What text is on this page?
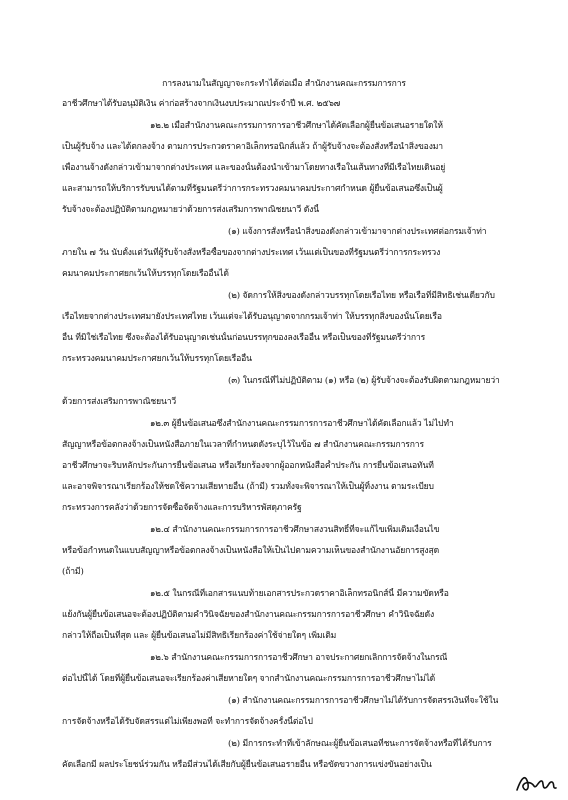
การลงนามในสัญญาจะกระทำได้ต่อเมื่อ สำนักงานคณะกรรมการการ
อาชีวศึกษาได้รับอนุมัติเงิน ค่าก่อสร้างจากเงินงบประมาณประจำปี พ.ศ. ๒๕๖๗
๑๒.๒ เมื่อสำนักงานคณะกรรมการการอาชีวศึกษาได้คัดเลือกผู้ยื่นข้อเสนอรายใดให้
เป็นผู้รับจ้าง และได้ตกลงจ้าง ตามการประกวดราคาอิเล็กทรอนิกส์แล้ว ถ้าผู้รับจ้างจะต้องสั่งหรือนำสิ่งของมา
เพื่องานจ้างดังกล่าวเข้ามาจากต่างประเทศ และของนั้นต้องนำเข้ามาโดยทางเรือในเส้นทางที่มีเรือไทยเดินอยู่
และสามารถให้บริการรับขนได้ตามที่รัฐมนตรีว่าการกระทรวงคมนาคมประกาศกำหนด ผู้ยื่นข้อเสนอซึ่งเป็นผู้
รับจ้างจะต้องปฏิบัติตามกฎหมายว่าด้วยการส่งเสริมการพาณิชยนาวี ดังนี้
(๑) แจ้งการสั่งหรือนำสิ่งของดังกล่าวเข้ามาจากต่างประเทศต่อกรมเจ้าท่า
ภายใน ๗ วัน นับตั้งแต่วันที่ผู้รับจ้างสั่งหรือซื้อของจากต่างประเทศ เว้นแต่เป็นของที่รัฐมนตรีว่าการกระทรวง
คมนาคมประกาศยกเว้นให้บรรทุกโดยเรืออื่นได้
(๒) จัดการให้สิ่งของดังกล่าวบรรทุกโดยเรือไทย หรือเรือที่มีสิทธิเช่นเดียวกับ
เรือไทยจากต่างประเทศมายังประเทศไทย เว้นแต่จะได้รับอนุญาตจากกรมเจ้าท่า ให้บรรทุกสิ่งของนั้นโดยเรือ
อื่น ที่มิใช่เรือไทย ซึ่งจะต้องได้รับอนุญาตเช่นนั้นก่อนบรรทุกของลงเรืออื่น หรือเป็นของที่รัฐมนตรีว่าการ
กระทรวงคมนาคมประกาศยกเว้นให้บรรทุกโดยเรืออื่น
(๓) ในกรณีที่ไม่ปฏิบัติตาม (๑) หรือ (๒) ผู้รับจ้างจะต้องรับผิดตามกฎหมายว่า
ด้วยการส่งเสริมการพาณิชยนาวี
๑๒.๓ ผู้ยื่นข้อเสนอซึ่งสำนักงานคณะกรรมการการอาชีวศึกษาได้คัดเลือกแล้ว ไม่ไปทำ
สัญญาหรือข้อตกลงจ้างเป็นหนังสือภายในเวลาที่กำหนดดังระบุไว้ในข้อ ๗ สำนักงานคณะกรรมการการ
อาชีวศึกษาจะริบหลักประกันการยื่นข้อเสนอ หรือเรียกร้องจากผู้ออกหนังสือค้ำประกัน การยื่นข้อเสนอทันที
และอาจพิจารณาเรียกร้องให้ชดใช้ความเสียหายอื่น (ถ้ามี) รวมทั้งจะพิจารณาให้เป็นผู้ทิ้งงาน ตามระเบียบ
กระทรวงการคลังว่าด้วยการจัดซื้อจัดจ้างและการบริหารพัสดุภาครัฐ
๑๒.๔ สำนักงานคณะกรรมการการอาชีวศึกษาสงวนสิทธิ์ที่จะแก้ไขเพิ่มเติมเงื่อนไข
หรือข้อกำหนดในแบบสัญญาหรือข้อตกลงจ้างเป็นหนังสือให้เป็นไปตามความเห็นของสำนักงานอัยการสูงสุด
(ถ้ามี)
๑๒.๕ ในกรณีที่เอกสารแนบท้ายเอกสารประกวดราคาอิเล็กทรอนิกส์นี้ มีความขัดหรือ
แย้งกันผู้ยื่นข้อเสนอจะต้องปฏิบัติตามคำวินิจฉัยของสำนักงานคณะกรรมการการอาชีวศึกษา คำวินิจฉัยดัง
กล่าวให้ถือเป็นที่สุด และ ผู้ยื่นข้อเสนอไม่มีสิทธิเรียกร้องค่าใช้จ่ายใดๆ เพิ่มเติม
๑๒.๖ สำนักงานคณะกรรมการการอาชีวศึกษา อาจประกาศยกเลิกการจัดจ้างในกรณี
ต่อไปนี้ได้ โดยที่ผู้ยื่นข้อเสนอจะเรียกร้องค่าเสียหายใดๆ จากสำนักงานคณะกรรมการการอาชีวศึกษาไม่ได้
(๑) สำนักงานคณะกรรมการการอาชีวศึกษาไม่ได้รับการจัดสรรเงินที่จะใช้ใน
การจัดจ้างหรือได้รับจัดสรรแต่ไม่เพียงพอที่ จะทำการจัดจ้างครั้งนี้ต่อไป
(๒) มีการกระทำที่เข้าลักษณะผู้ยื่นข้อเสนอที่ชนะการจัดจ้างหรือที่ได้รับการ
คัดเลือกมี ผลประโยชน์ร่วมกัน หรือมีส่วนได้เสียกับผู้ยื่นข้อเสนอรายอื่น หรือขัดขวางการแข่งขันอย่างเป็น
